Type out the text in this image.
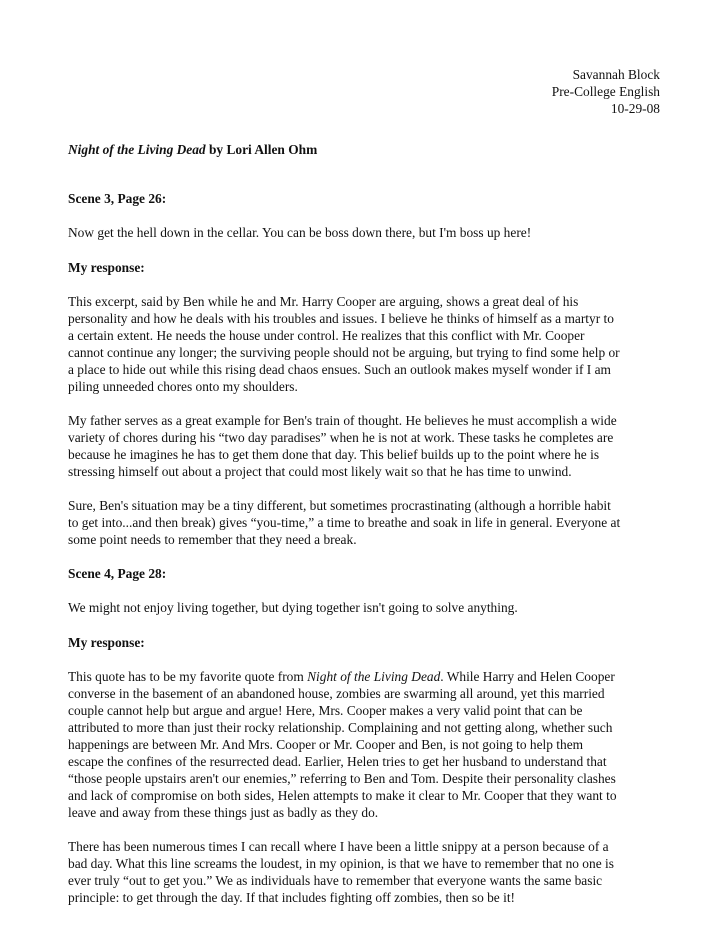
Savannah Block
Pre-College English
10-29-08
Night of the Living Dead by Lori Allen Ohm

Scene 3, Page 26:

Now get the hell down in the cellar. You can be boss down there, but I'm boss up here!

My response:

This excerpt, said by Ben while he and Mr. Harry Cooper are arguing, shows a great deal of his
personality and how he deals with his troubles and issues. I believe he thinks of himself as a martyr to
a certain extent. He needs the house under control. He realizes that this conflict with Mr. Cooper
cannot continue any longer; the surviving people should not be arguing, but trying to find some help or
a place to hide out while this rising dead chaos ensues. Such an outlook makes myself wonder if I am
piling unneeded chores onto my shoulders.
My father serves as a great example for Ben's train of thought. He believes he must accomplish a wide
variety of chores during his “two day paradises” when he is not at work. These tasks he completes are
because he imagines he has to get them done that day. This belief builds up to the point where he is
stressing himself out about a project that could most likely wait so that he has time to unwind.
Sure, Ben's situation may be a tiny different, but sometimes procrastinating (although a horrible habit
to get into...and then break) gives “you-time,” a time to breathe and soak in life in general. Everyone at
some point needs to remember that they need a break.

Scene 4, Page 28:

We might not enjoy living together, but dying together isn't going to solve anything.

My response:

This quote has to be my favorite quote from Night of the Living Dead. While Harry and Helen Cooper
converse in the basement of an abandoned house, zombies are swarming all around, yet this married
couple cannot help but argue and argue! Here, Mrs. Cooper makes a very valid point that can be
attributed to more than just their rocky relationship. Complaining and not getting along, whether such
happenings are between Mr. And Mrs. Cooper or Mr. Cooper and Ben, is not going to help them
escape the confines of the resurrected dead. Earlier, Helen tries to get her husband to understand that
“those people upstairs aren't our enemies,” referring to Ben and Tom. Despite their personality clashes
and lack of compromise on both sides, Helen attempts to make it clear to Mr. Cooper that they want to
leave and away from these things just as badly as they do.
There has been numerous times I can recall where I have been a little snippy at a person because of a
bad day. What this line screams the loudest, in my opinion, is that we have to remember that no one is
ever truly “out to get you.” We as individuals have to remember that everyone wants the same basic
principle: to get through the day. If that includes fighting off zombies, then so be it!
